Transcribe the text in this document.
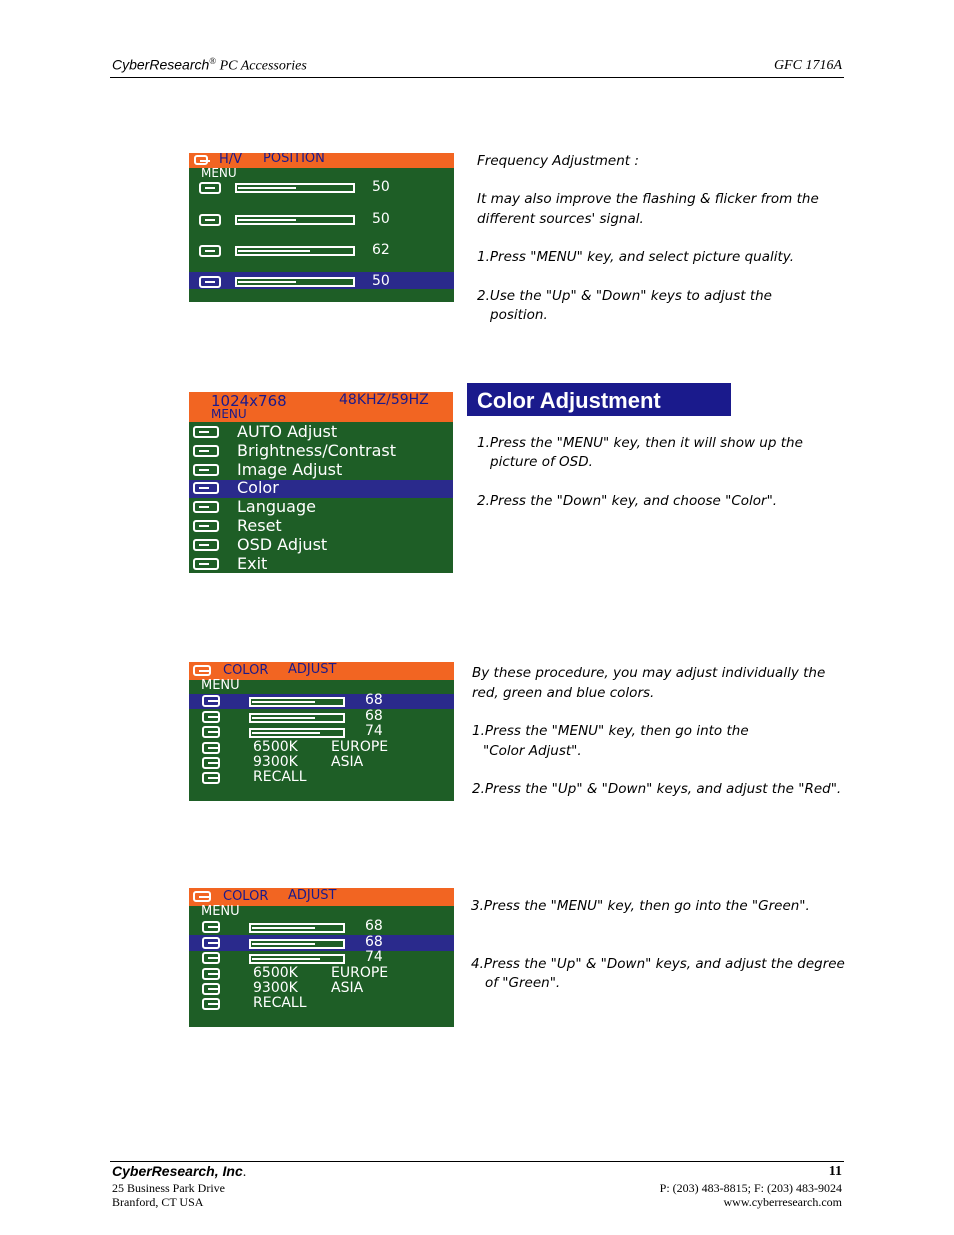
CyberResearch® PC Accessories	GFC 1716A
H/V POSITION
MENU
50
50
62
50
Frequency Adjustment :
It may also improve the flashing & flicker from the
different sources' signal.
1.Press "MENU" key, and select picture quality.
2.Use the "Up" & "Down" keys to adjust the
position.
1024x768	48KHZ/59HZ
MENU
AUTO Adjust
Brightness/Contrast
Image Adjust
Color
Language
Reset
OSD Adjust
Exit
Color Adjustment
1.Press the "MENU" key, then it will show up the
picture of OSD.
2.Press the "Down" key, and choose "Color".
COLOR ADJUST
MENU
68
68
74
6500K EUROPE
9300K ASIA
RECALL
By these procedure, you may adjust individually the
red, green and blue colors.
1.Press the "MENU" key, then go into the
"Color Adjust".
2.Press the "Up" & "Down" keys, and adjust the "Red".
COLOR ADJUST
MENU
68
68
74
6500K EUROPE
9300K ASIA
RECALL
3.Press the "MENU" key, then go into the "Green".
4.Press the "Up" & "Down" keys, and adjust the degree
of "Green".
CyberResearch, Inc.	11
25 Business Park Drive
Branford, CT USA
P: (203) 483-8815; F: (203) 483-9024
www.cyberresearch.com
